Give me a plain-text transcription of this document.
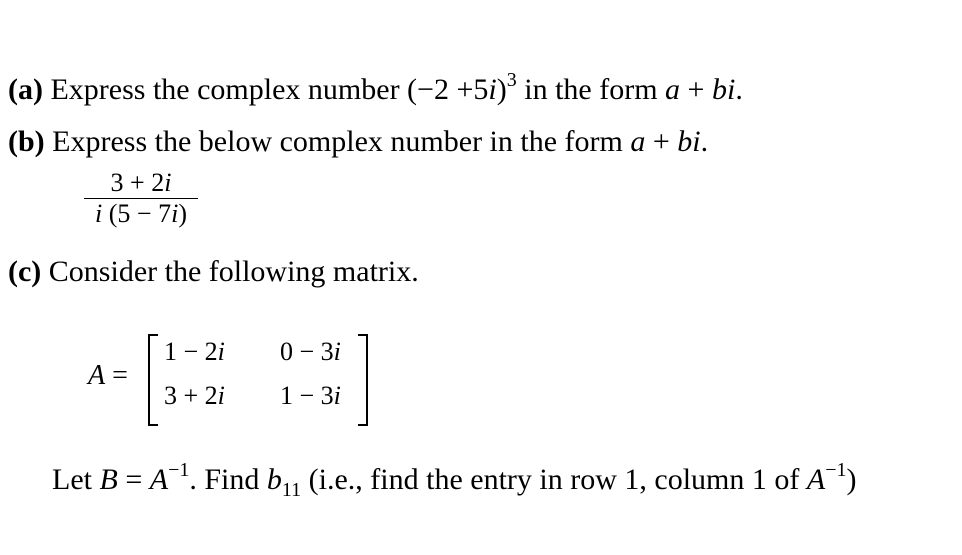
(a) Express the complex number $(-2 +5i)^3$ in the form a + bi.
(b) Express the below complex number in the form a + bi.
3 + 2i
i (5 − 7i)
(c) Consider the following matrix.
A =
1 − 2i 0 − 3i
3 + 2i 1 − 3i
Let $B = A^{-1}$. Find $b_{11}$ (i.e., find the entry in row 1, column 1 of $A^{-1}$)
